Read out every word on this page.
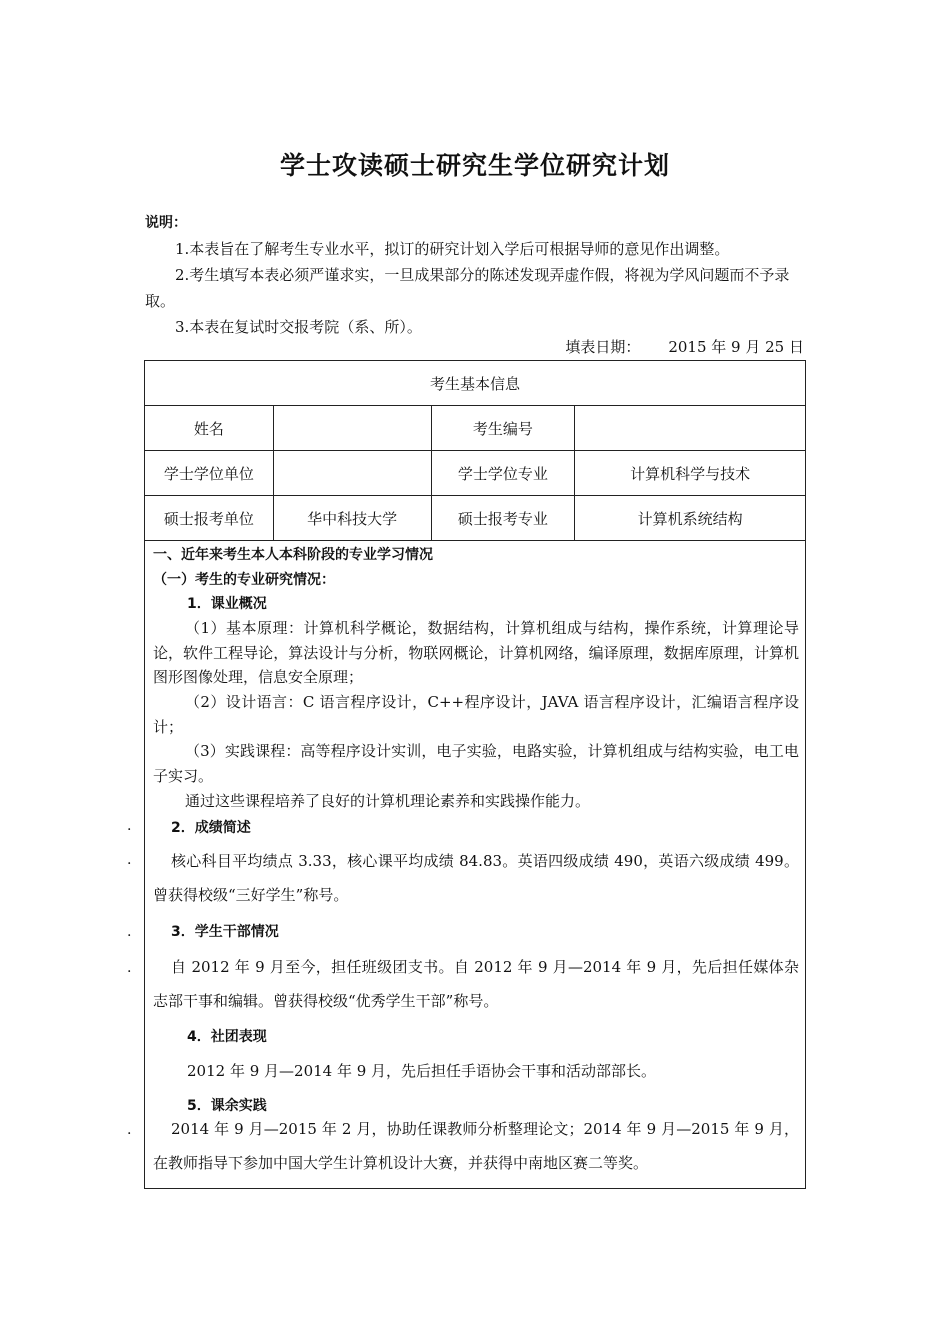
学士攻读硕士研究生学位研究计划
说明：
1.本表旨在了解考生专业水平，拟订的研究计划入学后可根据导师的意见作出调整。
2.考生填写本表必须严谨求实，一旦成果部分的陈述发现弄虚作假，将视为学风问题而不予录取。
3.本表在复试时交报考院（系、所）。
填表日期： 2015 年 9 月 25 日
考生基本信息			
姓名		考生编号	
学士学位单位		学士学位专业	计算机科学与技术
硕士报考单位	华中科技大学	硕士报考专业	计算机系统结构
一、近年来考生本人本科阶段的专业学习情况
（一）考生的专业研究情况：
1．课业概况
（1）基本原理：计算机科学概论，数据结构，计算机组成与结构，操作系统，计算理论导论，软件工程导论，算法设计与分析，物联网概论，计算机网络，编译原理，数据库原理，计算机图形图像处理，信息安全原理；
（2）设计语言：C 语言程序设计，C++程序设计，JAVA 语言程序设计，汇编语言程序设计；
（3）实践课程：高等程序设计实训，电子实验，电路实验，计算机组成与结构实验，电工电子实习。
通过这些课程培养了良好的计算机理论素养和实践操作能力。
2．成绩简述
核心科目平均绩点 3.33，核心课平均成绩 84.83。英语四级成绩 490，英语六级成绩 499。曾获得校级“三好学生”称号。
3．学生干部情况
自 2012 年 9 月至今，担任班级团支书。自 2012 年 9 月—2014 年 9 月，先后担任媒体杂志部干事和编辑。曾获得校级“优秀学生干部”称号。
4．社团表现
2012 年 9 月—2014 年 9 月，先后担任手语协会干事和活动部部长。
5．课余实践
2014 年 9 月—2015 年 2 月，协助任课教师分析整理论文；2014 年 9 月—2015 年 9 月，在教师指导下参加中国大学生计算机设计大赛，并获得中南地区赛二等奖。
.
.
.
.
.
